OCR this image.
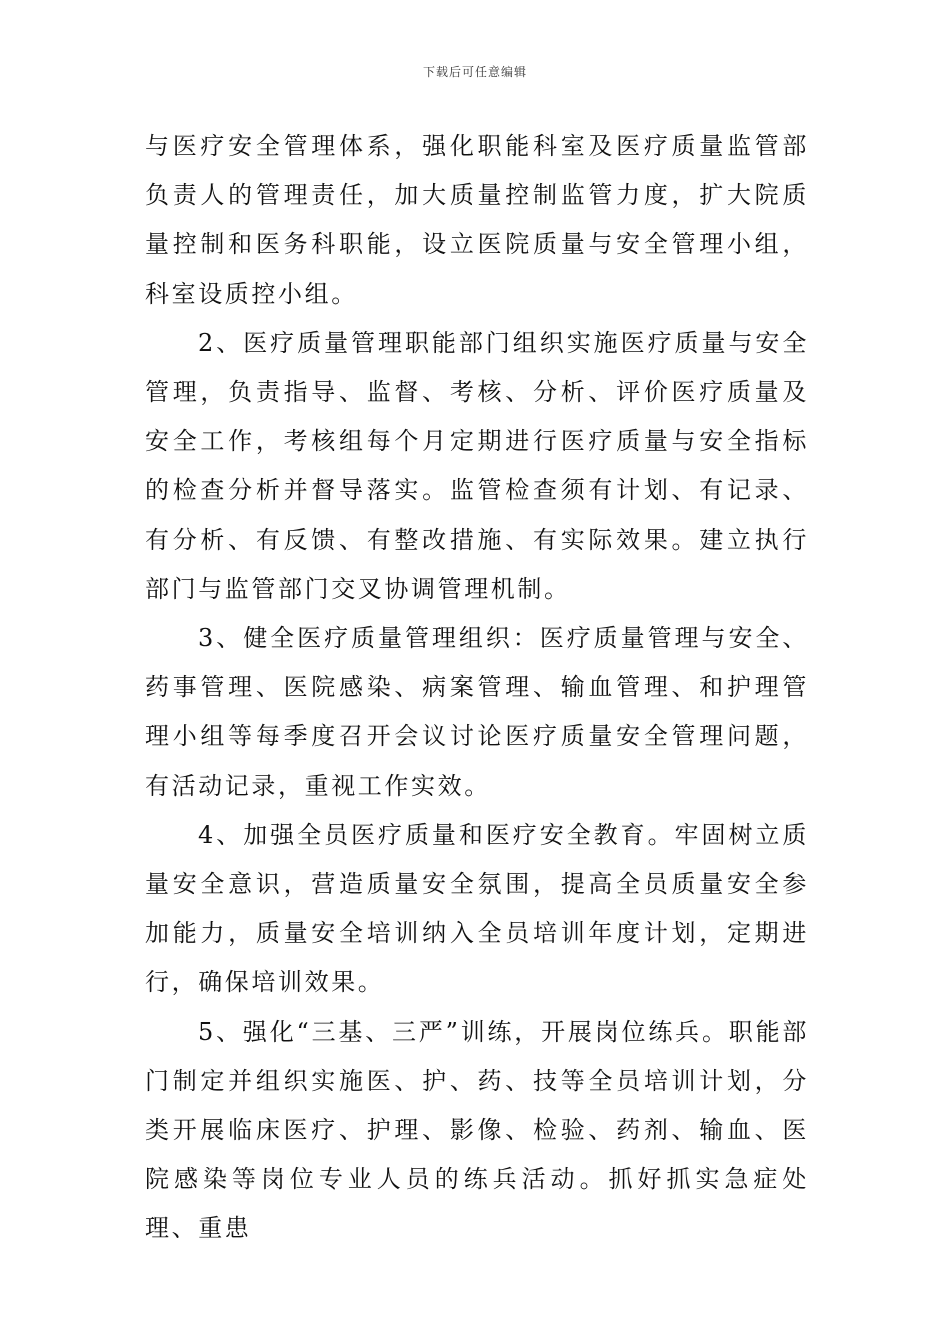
下载后可任意编辑

与医疗安全管理体系，强化职能科室及医疗质量监管部负责人的管理责任，加大质量控制监管力度，扩大院质量控制和医务科职能，设立医院质量与安全管理小组，科室设质控小组。

2、医疗质量管理职能部门组织实施医疗质量与安全管理，负责指导、监督、考核、分析、评价医疗质量及安全工作，考核组每个月定期进行医疗质量与安全指标的检查分析并督导落实。监管检查须有计划、有记录、有分析、有反馈、有整改措施、有实际效果。建立执行部门与监管部门交叉协调管理机制。

3、健全医疗质量管理组织：医疗质量管理与安全、药事管理、医院感染、病案管理、输血管理、和护理管理小组等每季度召开会议讨论医疗质量安全管理问题，有活动记录，重视工作实效。

4、加强全员医疗质量和医疗安全教育。牢固树立质量安全意识，营造质量安全氛围，提高全员质量安全参加能力，质量安全培训纳入全员培训年度计划，定期进行，确保培训效果。

5、强化“三基、三严”训练，开展岗位练兵。职能部门制定并组织实施医、护、药、技等全员培训计划，分类开展临床医疗、护理、影像、检验、药剂、输血、医院感染等岗位专业人员的练兵活动。抓好抓实急症处理、重患
